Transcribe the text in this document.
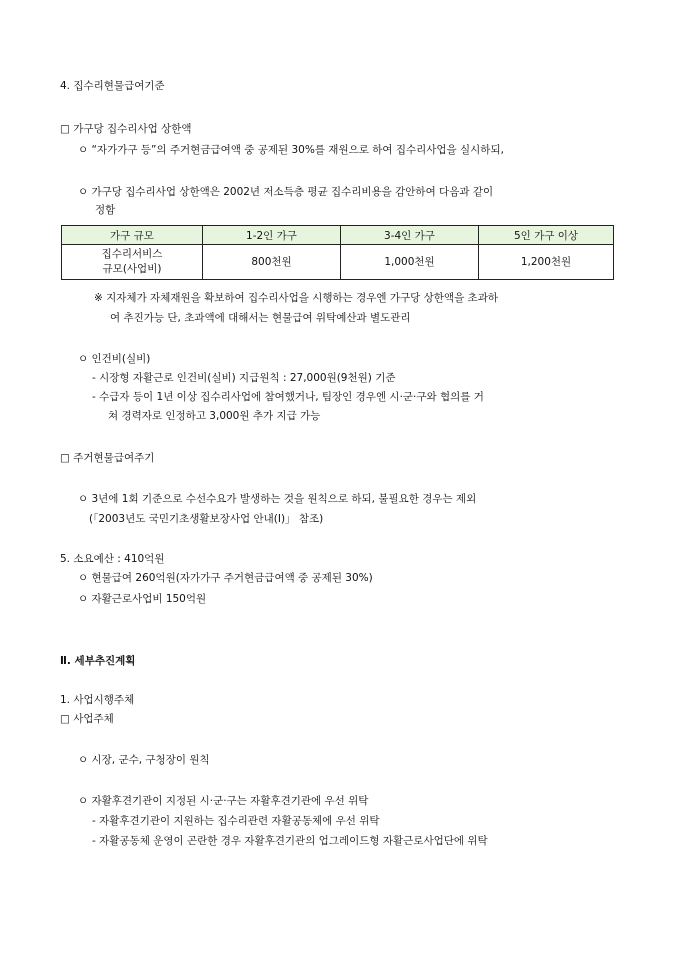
4. 집수리현물급여기준
□ 가구당 집수리사업 상한액
ㅇ “자가가구 등”의 주거현금급여액 중 공제된 30%를 재원으로 하여 집수리사업을 실시하되,
ㅇ 가구당 집수리사업 상한액은 2002년 저소득층 평균 집수리비용을 감안하여 다음과 같이
정함
가구 규모	1-2인 가구	3-4인 가구	5인 가구 이상

집수리서비스
규모(사업비)	800천원	1,000천원	1,200천원
※ 지자체가 자체재원을 확보하여 집수리사업을 시행하는 경우엔 가구당 상한액을 초과하
여 추진가능 단, 초과액에 대해서는 현물급여 위탁예산과 별도관리
ㅇ 인건비(실비)
- 시장형 자활근로 인건비(실비) 지급원칙 : 27,000원(9천원) 기준
- 수급자 등이 1년 이상 집수리사업에 참여했거나, 팀장인 경우엔 시·군·구와 협의를 거
쳐 경력자로 인정하고 3,000원 추가 지급 가능
□ 주거현물급여주기
ㅇ 3년에 1회 기준으로 수선수요가 발생하는 것을 원칙으로 하되, 불필요한 경우는 제외
(「2003년도 국민기초생활보장사업 안내(Ⅰ)」 참조)
5. 소요예산 : 410억원
ㅇ 현물급여 260억원(자가가구 주거현금급여액 중 공제된 30%)
ㅇ 자활근로사업비 150억원
Ⅱ. 세부추진계획
1. 사업시행주체
□ 사업주체
ㅇ 시장, 군수, 구청장이 원칙
ㅇ 자활후견기관이 지정된 시·군·구는 자활후견기관에 우선 위탁
- 자활후견기관이 지원하는 집수리관련 자활공동체에 우선 위탁
- 자활공동체 운영이 곤란한 경우 자활후견기관의 업그레이드형 자활근로사업단에 위탁
